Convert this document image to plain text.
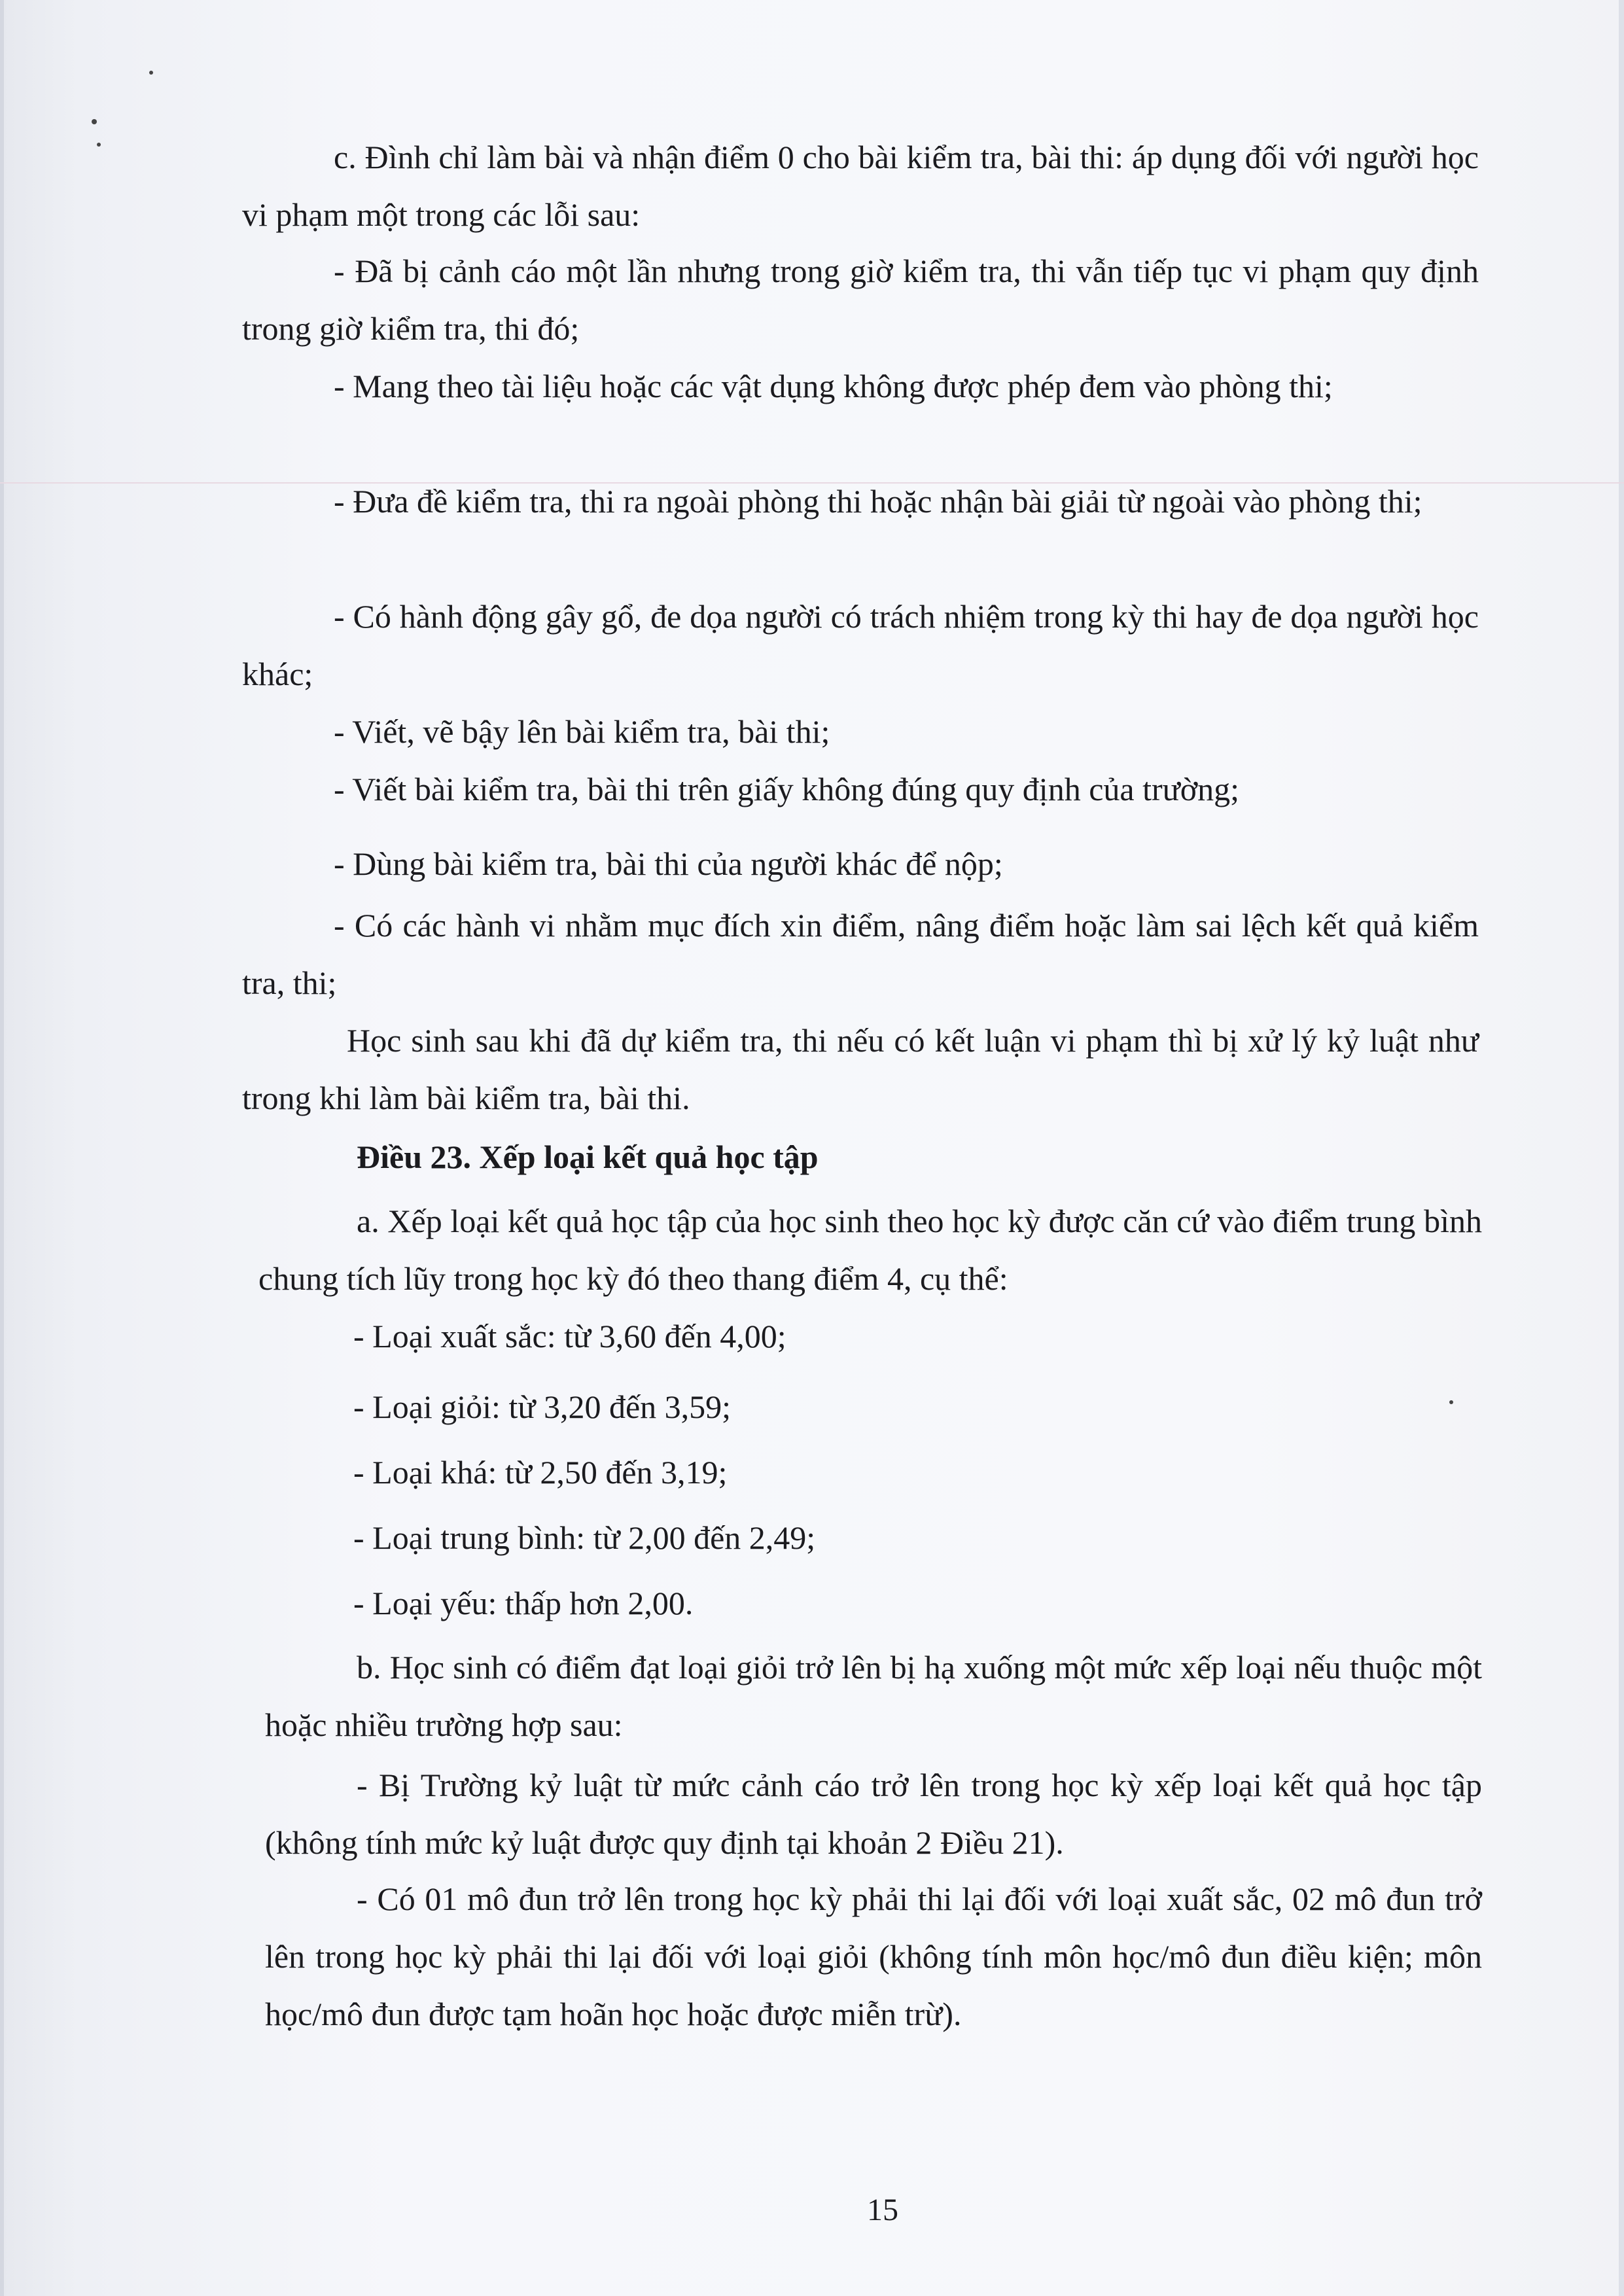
c. Đình chỉ làm bài và nhận điểm 0 cho bài kiểm tra, bài thi: áp dụng đối với người học vi phạm một trong các lỗi sau:

- Đã bị cảnh cáo một lần nhưng trong giờ kiểm tra, thi vẫn tiếp tục vi phạm quy định trong giờ kiểm tra, thi đó;

- Mang theo tài liệu hoặc các vật dụng không được phép đem vào phòng thi;

- Đưa đề kiểm tra, thi ra ngoài phòng thi hoặc nhận bài giải từ ngoài vào phòng thi;

- Có hành động gây gổ, đe dọa người có trách nhiệm trong kỳ thi hay đe dọa người học khác;

- Viết, vẽ bậy lên bài kiểm tra, bài thi;

- Viết bài kiểm tra, bài thi trên giấy không đúng quy định của trường;

- Dùng bài kiểm tra, bài thi của người khác để nộp;

- Có các hành vi nhằm mục đích xin điểm, nâng điểm hoặc làm sai lệch kết quả kiểm tra, thi;

Học sinh sau khi đã dự kiểm tra, thi nếu có kết luận vi phạm thì bị xử lý kỷ luật như trong khi làm bài kiểm tra, bài thi.

Điều 23. Xếp loại kết quả học tập

a. Xếp loại kết quả học tập của học sinh theo học kỳ được căn cứ vào điểm trung bình chung tích lũy trong học kỳ đó theo thang điểm 4, cụ thể:

- Loại xuất sắc: từ 3,60 đến 4,00;

- Loại giỏi: từ 3,20 đến 3,59;

- Loại khá: từ 2,50 đến 3,19;

- Loại trung bình: từ 2,00 đến 2,49;

- Loại yếu: thấp hơn 2,00.

b. Học sinh có điểm đạt loại giỏi trở lên bị hạ xuống một mức xếp loại nếu thuộc một hoặc nhiều trường hợp sau:

- Bị Trường kỷ luật từ mức cảnh cáo trở lên trong học kỳ xếp loại kết quả học tập (không tính mức kỷ luật được quy định tại khoản 2 Điều 21).

- Có 01 mô đun trở lên trong học kỳ phải thi lại đối với loại xuất sắc, 02 mô đun trở lên trong học kỳ phải thi lại đối với loại giỏi (không tính môn học/mô đun điều kiện; môn học/mô đun được tạm hoãn học hoặc được miễn trừ).

15
